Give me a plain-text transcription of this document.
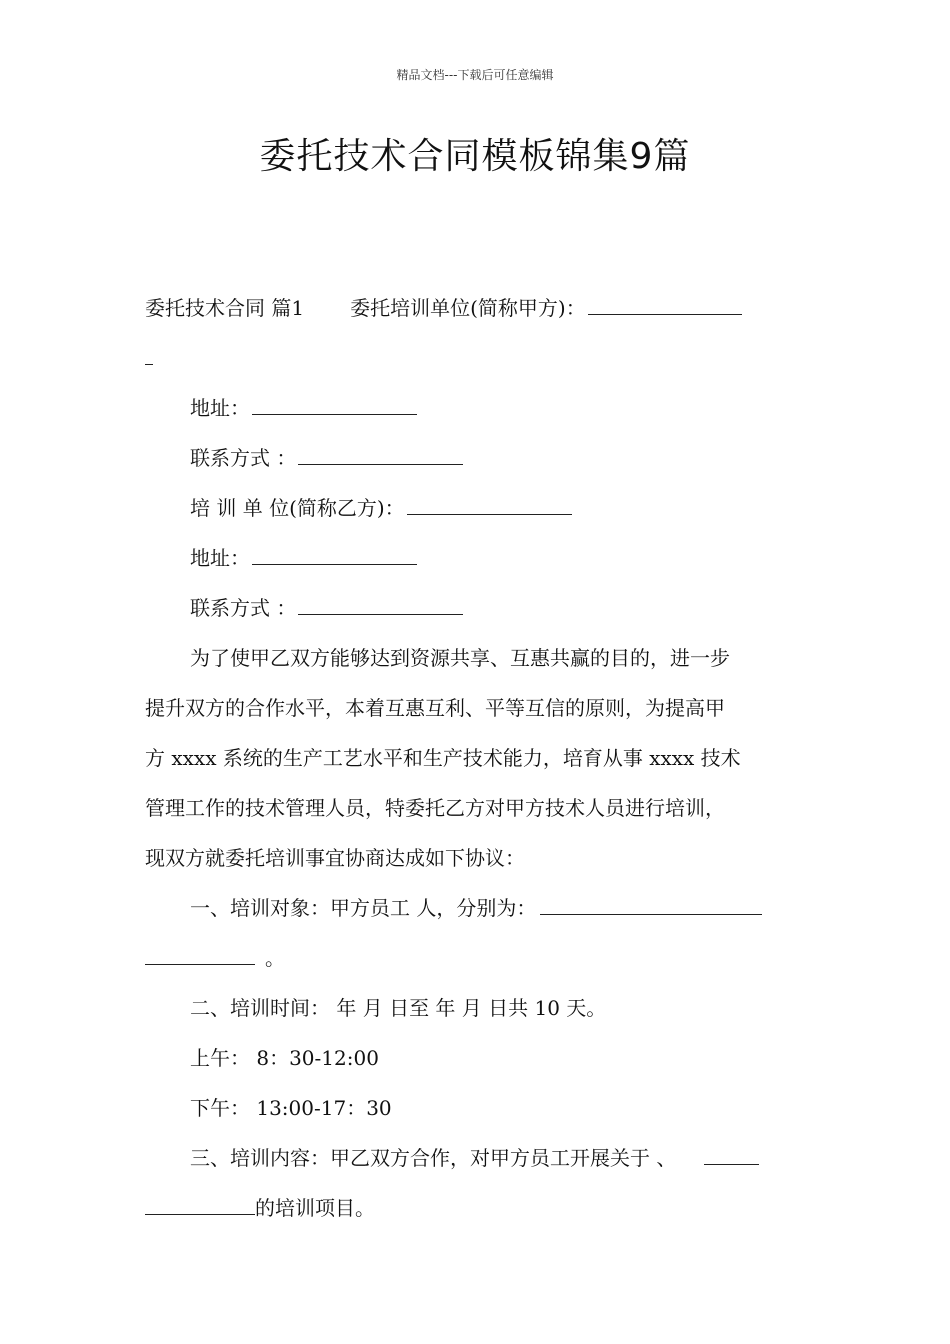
精品文档---下载后可任意编辑
委托技术合同模板锦集9篇
委托技术合同 篇1 委托培训单位(简称甲方)：
地址：
联系方式 ：
培 训 单 位(简称乙方)：
地址：
联系方式 ：
为了使甲乙双方能够达到资源共享、互惠共赢的目的，进一步
提升双方的合作水平，本着互惠互利、平等互信的原则，为提高甲
方 xxxx 系统的生产工艺水平和生产技术能力，培育从事 xxxx 技术
管理工作的技术管理人员，特委托乙方对甲方技术人员进行培训，
现双方就委托培训事宜协商达成如下协议：
一、培训对象：甲方员工 人，分别为：
。
二、培训时间： 年 月 日至 年 月 日共 10 天。
上午： 8：30-12:00
下午： 13:00-17：30
三、培训内容：甲乙双方合作，对甲方员工开展关于 、
的培训项目。
